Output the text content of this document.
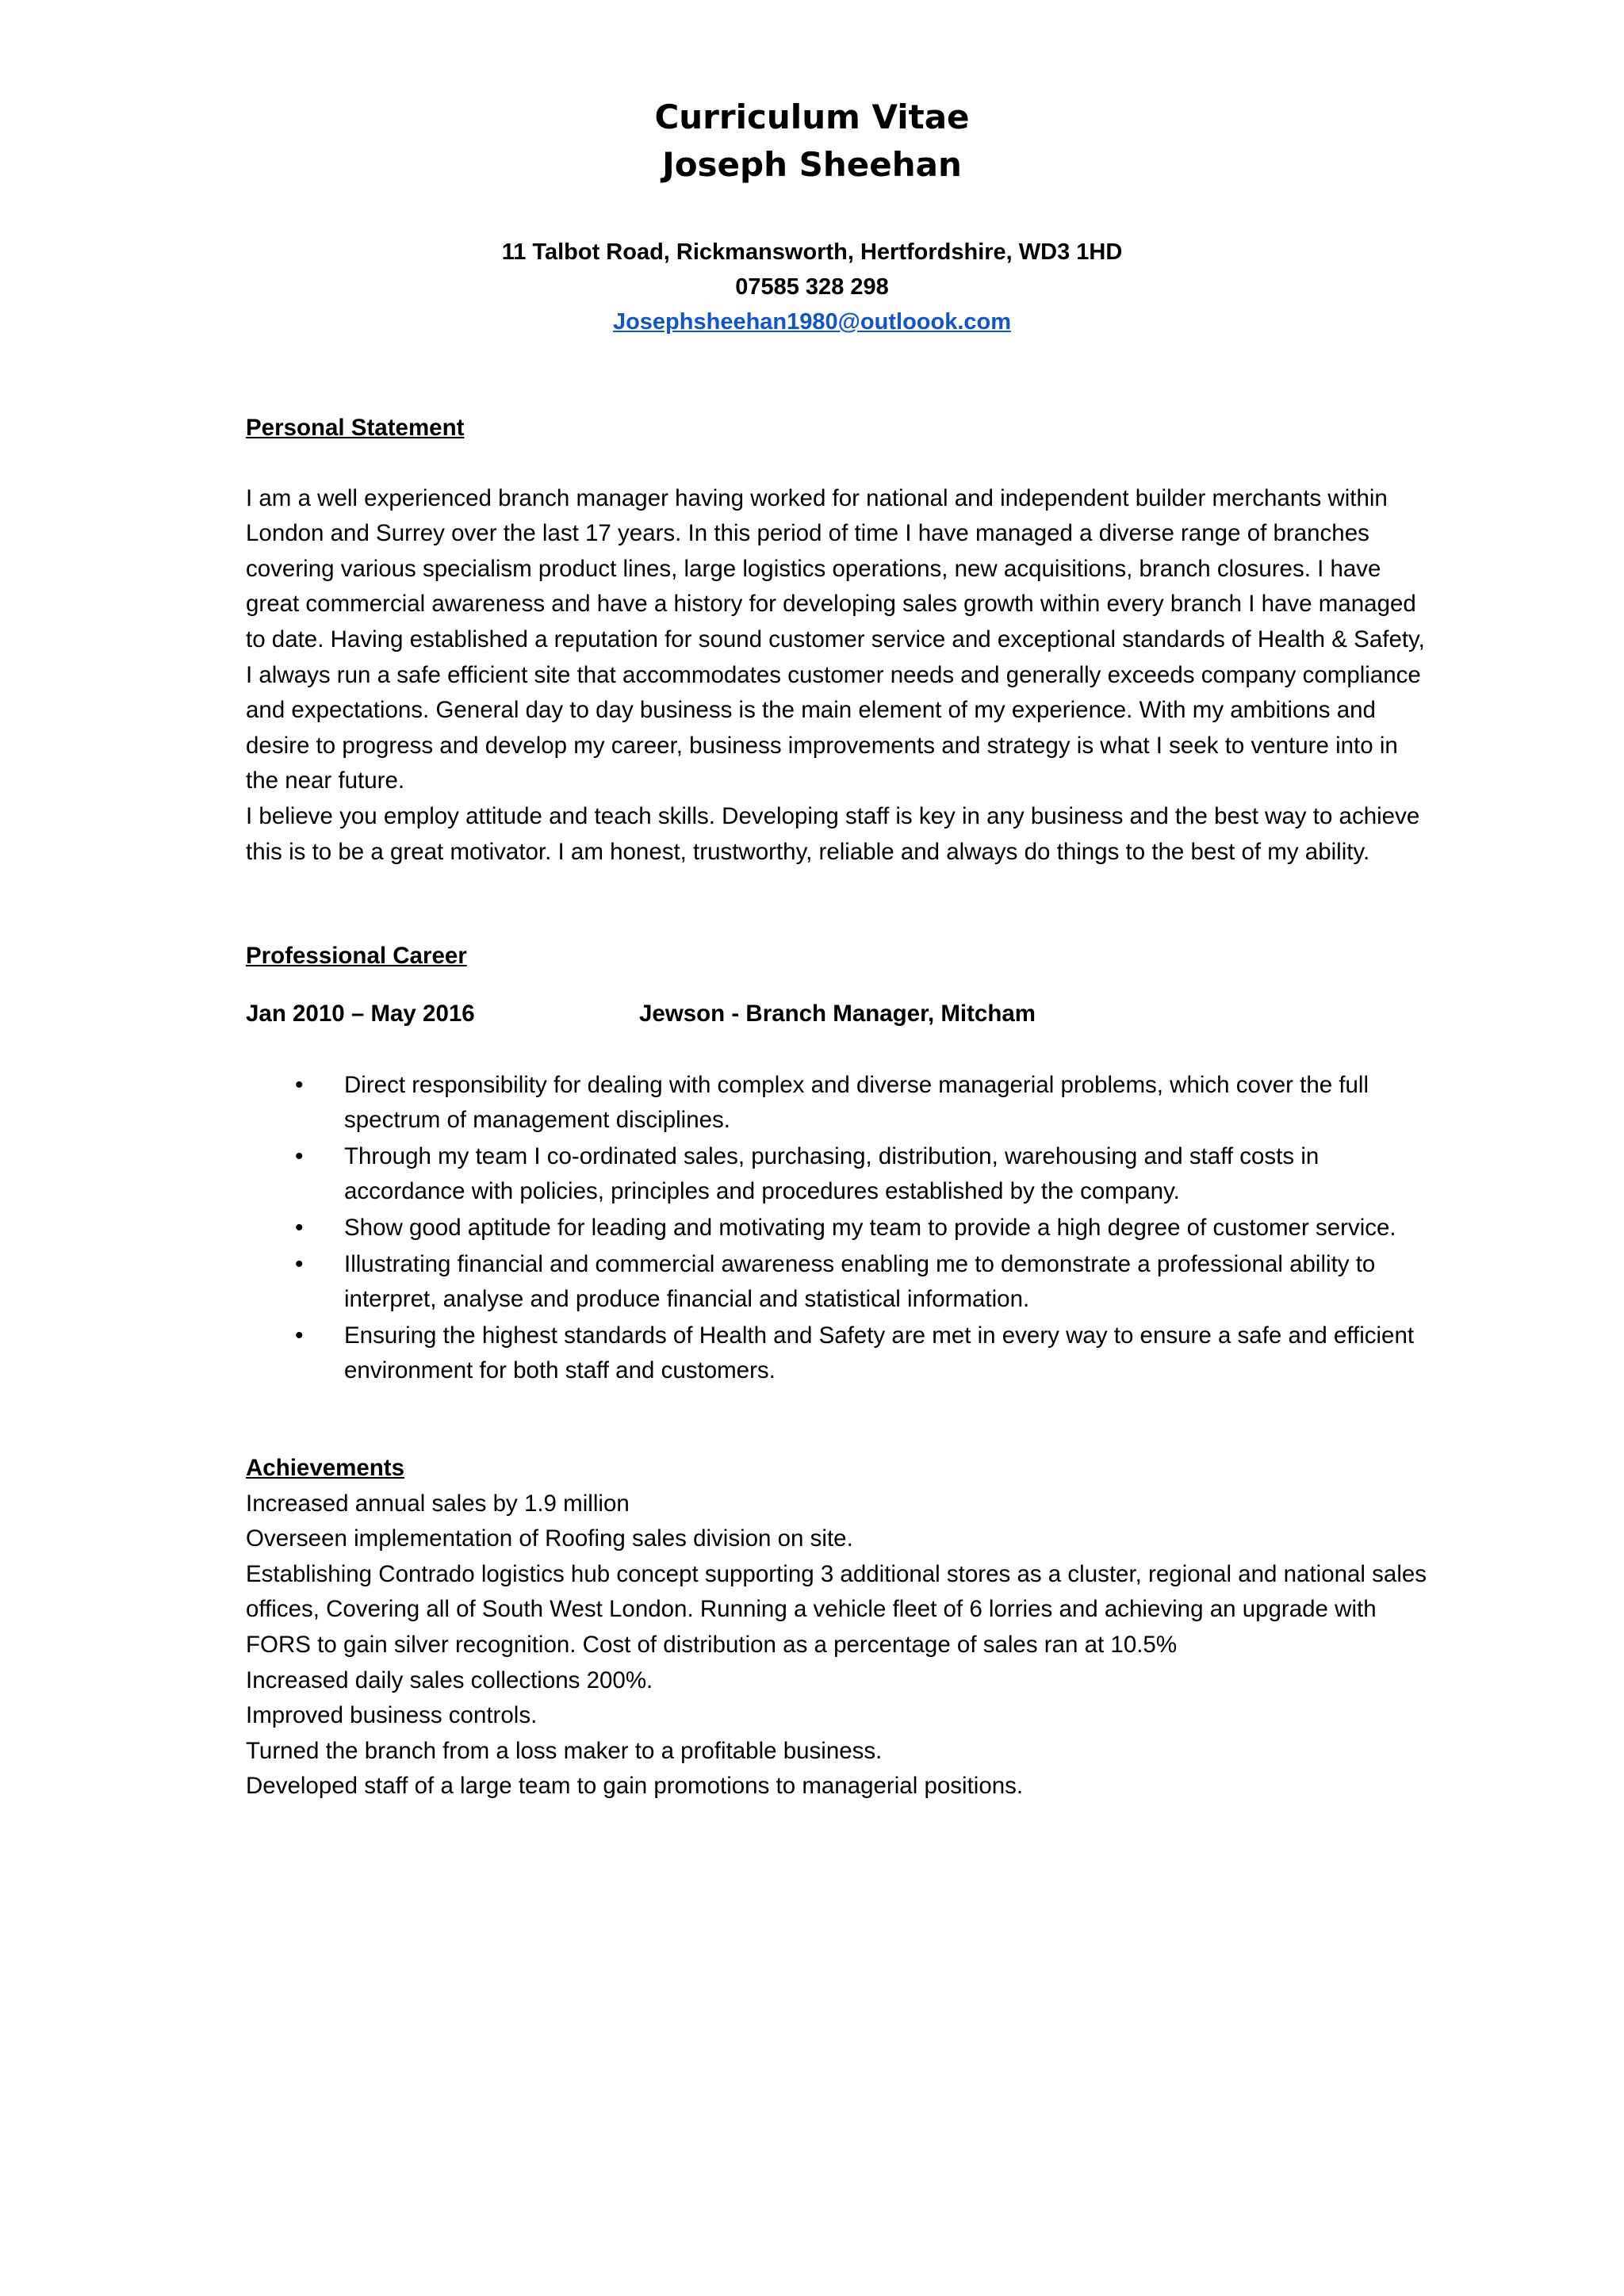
Curriculum Vitae
Joseph Sheehan
11 Talbot Road, Rickmansworth, Hertfordshire, WD3 1HD
07585 328 298
Josephsheehan1980@outloook.com

Personal Statement

I am a well experienced branch manager having worked for national and independent builder merchants within London and Surrey over the last 17 years. In this period of time I have managed a diverse range of branches covering various specialism product lines, large logistics operations, new acquisitions, branch closures. I have great commercial awareness and have a history for developing sales growth within every branch I have managed to date. Having established a reputation for sound customer service and exceptional standards of Health & Safety, I always run a safe efficient site that accommodates customer needs and generally exceeds company compliance and expectations. General day to day business is the main element of my experience. With my ambitions and desire to progress and develop my career, business improvements and strategy is what I seek to venture into in the near future.

I believe you employ attitude and teach skills. Developing staff is key in any business and the best way to achieve this is to be a great motivator. I am honest, trustworthy, reliable and always do things to the best of my ability.

Professional Career

Jan 2010 – May 2016	Jewson - Branch Manager, Mitcham
• Direct responsibility for dealing with complex and diverse managerial problems, which cover the full spectrum of management disciplines.
• Through my team I co-ordinated sales, purchasing, distribution, warehousing and staff costs in accordance with policies, principles and procedures established by the company.
• Show good aptitude for leading and motivating my team to provide a high degree of customer service.
• Illustrating financial and commercial awareness enabling me to demonstrate a professional ability to interpret, analyse and produce financial and statistical information.
• Ensuring the highest standards of Health and Safety are met in every way to ensure a safe and efficient environment for both staff and customers.

Achievements

Increased annual sales by 1.9 million

Overseen implementation of Roofing sales division on site.

Establishing Contrado logistics hub concept supporting 3 additional stores as a cluster, regional and national sales offices, Covering all of South West London. Running a vehicle fleet of 6 lorries and achieving an upgrade with FORS to gain silver recognition. Cost of distribution as a percentage of sales ran at 10.5%

Increased daily sales collections 200%.

Improved business controls.

Turned the branch from a loss maker to a profitable business.

Developed staff of a large team to gain promotions to managerial positions.
